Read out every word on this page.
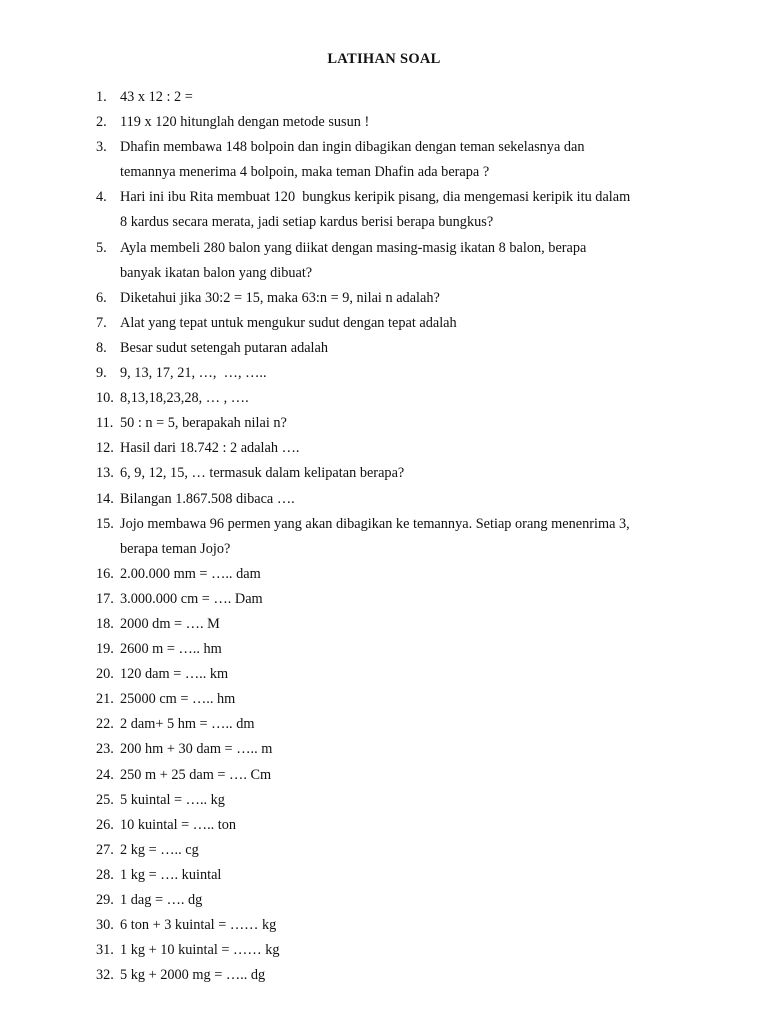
LATIHAN SOAL
1. 43 x 12 : 2 =
2. 119 x 120 hitunglah dengan metode susun !
3. Dhafin membawa 148 bolpoin dan ingin dibagikan dengan teman sekelasnya dan
temannya menerima 4 bolpoin, maka teman Dhafin ada berapa ?
4. Hari ini ibu Rita membuat 120  bungkus keripik pisang, dia mengemasi keripik itu dalam
8 kardus secara merata, jadi setiap kardus berisi berapa bungkus?
5. Ayla membeli 280 balon yang diikat dengan masing-masig ikatan 8 balon, berapa
banyak ikatan balon yang dibuat?
6. Diketahui jika 30:2 = 15, maka 63:n = 9, nilai n adalah?
7. Alat yang tepat untuk mengukur sudut dengan tepat adalah
8. Besar sudut setengah putaran adalah
9. 9, 13, 17, 21, …,  …, …..
10. 8,13,18,23,28, … , ….
11. 50 : n = 5, berapakah nilai n?
12. Hasil dari 18.742 : 2 adalah ….
13. 6, 9, 12, 15, … termasuk dalam kelipatan berapa?
14. Bilangan 1.867.508 dibaca ….
15. Jojo membawa 96 permen yang akan dibagikan ke temannya. Setiap orang menenrima 3,
berapa teman Jojo?
16. 2.00.000 mm = ….. dam
17. 3.000.000 cm = …. Dam
18. 2000 dm = …. M
19. 2600 m = ….. hm
20. 120 dam = ….. km
21. 25000 cm = ….. hm
22. 2 dam+ 5 hm = ….. dm
23. 200 hm + 30 dam = ….. m
24. 250 m + 25 dam = …. Cm
25. 5 kuintal = ….. kg
26. 10 kuintal = ….. ton
27. 2 kg = ….. cg
28. 1 kg = …. kuintal
29. 1 dag = …. dg
30. 6 ton + 3 kuintal = …… kg
31. 1 kg + 10 kuintal = …… kg
32. 5 kg + 2000 mg = ….. dg
